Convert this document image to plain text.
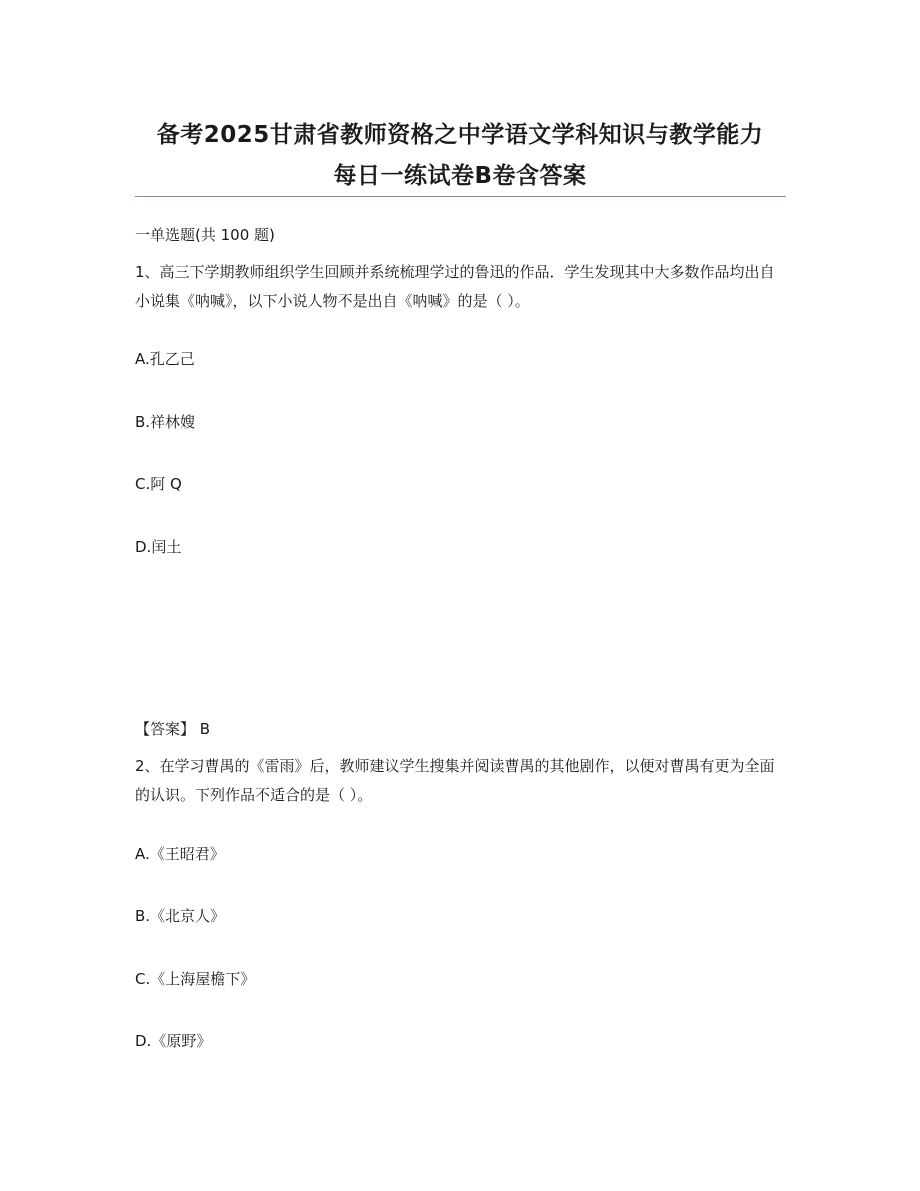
备考2025甘肃省教师资格之中学语文学科知识与教学能力
每日一练试卷B卷含答案
一单选题(共 100 题)
1、高三下学期教师组织学生回顾并系统梳理学过的鲁迅的作品．学生发现其中大多数作品均出自小说集《呐喊》，以下小说人物不是出自《呐喊》的是（ ）。
A.孔乙己
B.祥林嫂
C.阿 Q
D.闰土
【答案】 B
2、在学习曹禺的《雷雨》后，教师建议学生搜集并阅读曹禺的其他剧作，以便对曹禺有更为全面的认识。下列作品不适合的是（ ）。
A.《王昭君》
B.《北京人》
C.《上海屋檐下》
D.《原野》
